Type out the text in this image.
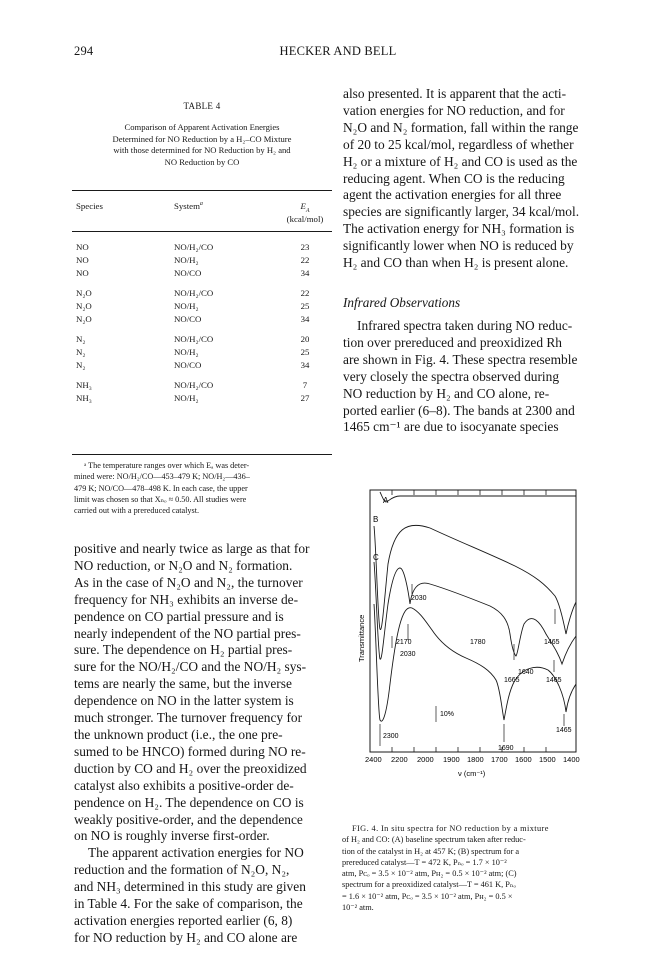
294	HECKER AND BELL
TABLE 4
Comparison of Apparent Activation Energies
Determined for NO Reduction by a H₂–CO Mixture
with those determined for NO Reduction by H₂ and
NO Reduction by CO
Species	System$^a$	$E_A$
(kcal/mol)
NO	NO/H₂/CO	23
NO	NO/H₂	22
NO	NO/CO	34
N₂O	NO/H₂/CO	22
N₂O	NO/H₂	25
N₂O	NO/CO	34
N₂	NO/H₂/CO	20
N₂	NO/H₂	25
N₂	NO/CO	34
NH₃	NO/H₂/CO	7
NH₃	NO/H₂	27
ᵃ The temperature ranges over which Eₐ was deter-
mined were: NO/H₂/CO—453–479 K; NO/H₂—436–
479 K; NO/CO—478–498 K. In each case, the upper
limit was chosen so that Xₙₒ ≈ 0.50. All studies were
carried out with a prereduced catalyst.
positive and nearly twice as large as that for
NO reduction, or N₂O and N₂ formation.
As in the case of N₂O and N₂, the turnover
frequency for NH₃ exhibits an inverse de-
pendence on CO partial pressure and is
nearly independent of the NO partial pres-
sure. The dependence on H₂ partial pres-
sure for the NO/H₂/CO and the NO/H₂ sys-
tems are nearly the same, but the inverse
dependence on NO in the latter system is
much stronger. The turnover frequency for
the unknown product (i.e., the one pre-
sumed to be HNCO) formed during NO re-
duction by CO and H₂ over the preoxidized
catalyst also exhibits a positive-order de-
pendence on H₂. The dependence on CO is
weakly positive-order, and the dependence
on NO is roughly inverse first-order.
The apparent activation energies for NO
reduction and the formation of N₂O, N₂,
and NH₃ determined in this study are given
in Table 4. For the sake of comparison, the
activation energies reported earlier (6, 8)
for NO reduction by H₂ and CO alone are
also presented. It is apparent that the acti-
vation energies for NO reduction, and for
N₂O and N₂ formation, fall within the range
of 20 to 25 kcal/mol, regardless of whether
H₂ or a mixture of H₂ and CO is used as the
reducing agent. When CO is the reducing
agent the activation energies for all three
species are significantly larger, 34 kcal/mol.
The activation energy for NH₃ formation is
significantly lower when NO is reduced by
H₂ and CO than when H₂ is present alone.
Infrared Observations
Infrared spectra taken during NO reduc-
tion over prereduced and preoxidized Rh
are shown in Fig. 4. These spectra resemble
very closely the spectra observed during
NO reduction by H₂ and CO alone, re-
ported earlier (6–8). The bands at 2300 and
1465 cm⁻¹ are due to isocyanate species
A
B
C
2030
2170	1780	1465
2030
1640
1665	1465
2300
1690
1465
10%
Transmittance
2400 2200 2000 1900 1800 1700 1600 1500 1400
ν (cm⁻¹)
FIG. 4. In situ spectra for NO reduction by a mixture
of H₂ and CO: (A) baseline spectrum taken after reduc-
tion of the catalyst in H₂ at 457 K; (B) spectrum for a
prereduced catalyst—T = 472 K, Pₙₒ = 1.7 × 10⁻²
atm, Pᴄₒ = 3.5 × 10⁻² atm, Pʜ₂ = 0.5 × 10⁻² atm; (C)
spectrum for a preoxidized catalyst—T = 461 K, Pₙₒ
= 1.6 × 10⁻² atm, Pᴄₒ = 3.5 × 10⁻² atm, Pʜ₂ = 0.5 ×
10⁻² atm.
